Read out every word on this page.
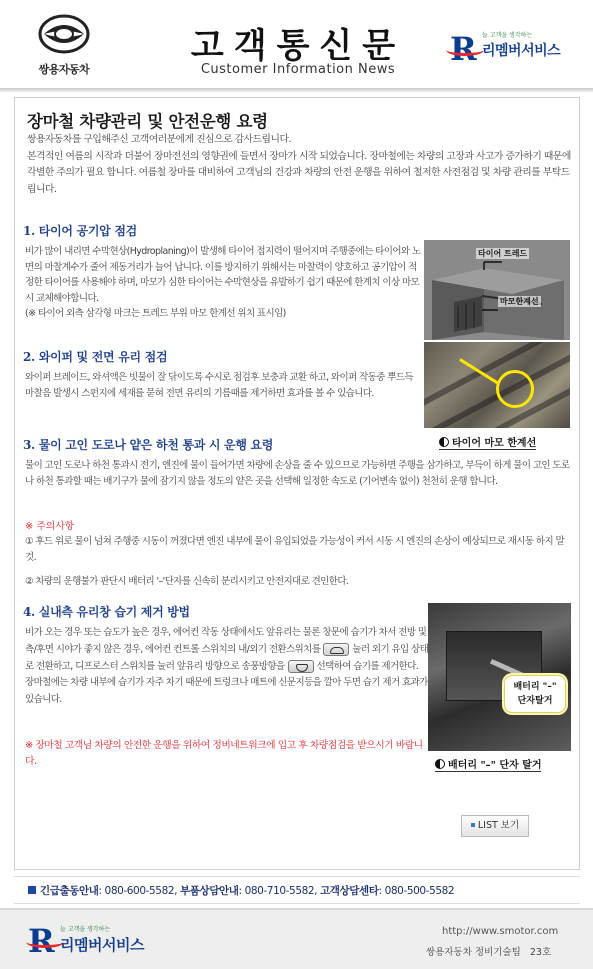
쌍용자동차
고객통신문
Customer Information News
R 늘 고객을 생각하는
리멤버서비스
장마철 차량관리 및 안전운행 요령

쌍용자동차를 구입해주신 고객여러분에게 진심으로 감사드립니다.
본격적인 여름의 시작과 더불어 장마전선의 영향권에 들면서 장마가 시작 되었습니다. 장마철에는 차량의 고장과 사고가 증가하기 때문에 각별한 주의가 필요 합니다. 여름철 장마를 대비하여 고객님의 건강과 차량의 안전 운행을 위하여 철저한 사전점검 및 차량 관리를 부탁드립니다.

1. 타이어 공기압 점검

비가 많이 내리면 수막현상(Hydroplaning)이 발생해 타이어 접지력이 떨어지며 주행중에는 타이어와 노면의 마찰계수가 줄어 제동거리가 늘어 납니다. 이를 방지하기 위해서는 마찰력이 양호하고 공기압이 적정한 타이어를 사용해야 하며, 마모가 심한 타이어는 수막현상을 유발하기 쉽기 때문에 한계치 이상 마모 시 교체해야합니다.
(※ 타이어 외측 삼각형 마크는 트레드 부위 마모 한계선 위치 표시임)

타이어 트레드
마모한계선
2. 와이퍼 및 전면 유리 점검

와이퍼 브레이드, 와셔액은 빗물이 잘 닦이도록 수시로 점검후 보충과 교환 하고, 와이퍼 작동중 뿌드득 마찰음 발생시 스펀지에 세재를 묻혀 전면 유리의 기름때를 제거하면 효과를 볼 수 있습니다.

3. 물이 고인 도로나 얕은 하천 통과 시 운행 요령	타이어 마모 한계선

물이 고인 도로나 하천 통과시 전기, 엔진에 물이 들어가면 차량에 손상을 줄 수 있으므로 가능하면 주행을 삼가하고, 부득이 하게 물이 고인 도로나 하천 통과할 때는 배기구가 물에 잠기지 않을 정도의 얕은 곳을 선택해 일정한 속도로 (기어변속 없이) 천천히 운행 합니다.

※ 주의사항

① 후드 위로 물이 넘쳐 주행중 시동이 꺼졌다면 엔진 내부에 물이 유입되었을 가능성이 커서 시동 시 엔진의 손상이 예상되므로 재시동 하지 말것.

② 차량의 운행불가 판단시 배터리 '–'단자를 신속히 분리시키고 안전지대로 견인한다.

4. 실내측 유리창 습기 제거 방법

비가 오는 경우 또는 습도가 높은 경우, 에어컨 작동 상태에서도 앞유리는 물론 창문에 습기가 차서 전방 및 측/후면 시야가 좋지 않은 경우, 에어컨 컨트롤 스위치의 내/외기 전환스위치를	눌러 외기 유입 상태로 전환하고, 디프로스터 스위치를 눌러 앞유리 방향으로 송풍방향을	선택하여 습기를 제거한다.
장마철에는 차량 내부에 습기가 자주 차기 때문에 트렁크나 매트에 신문지등을 깔아 두면 습기 제거 효과가 있습니다.

배터리 "–"
단자탈거

※ 장마철 고객님 차량의 안전한 운행을 위하여 정비네트워크에 입고 후 차량점검을 받으시기 바랍니다.	배터리 "–" 단자 탈거
LIST 보기
긴급출동안내: 080-600-5582, 부품상담안내: 080-710-5582, 고객상담센타: 080-500-5582
R 늘 고객을 생각하는
리멤버서비스
http://www.smotor.com
쌍용자동차 정비기술팀 23호
